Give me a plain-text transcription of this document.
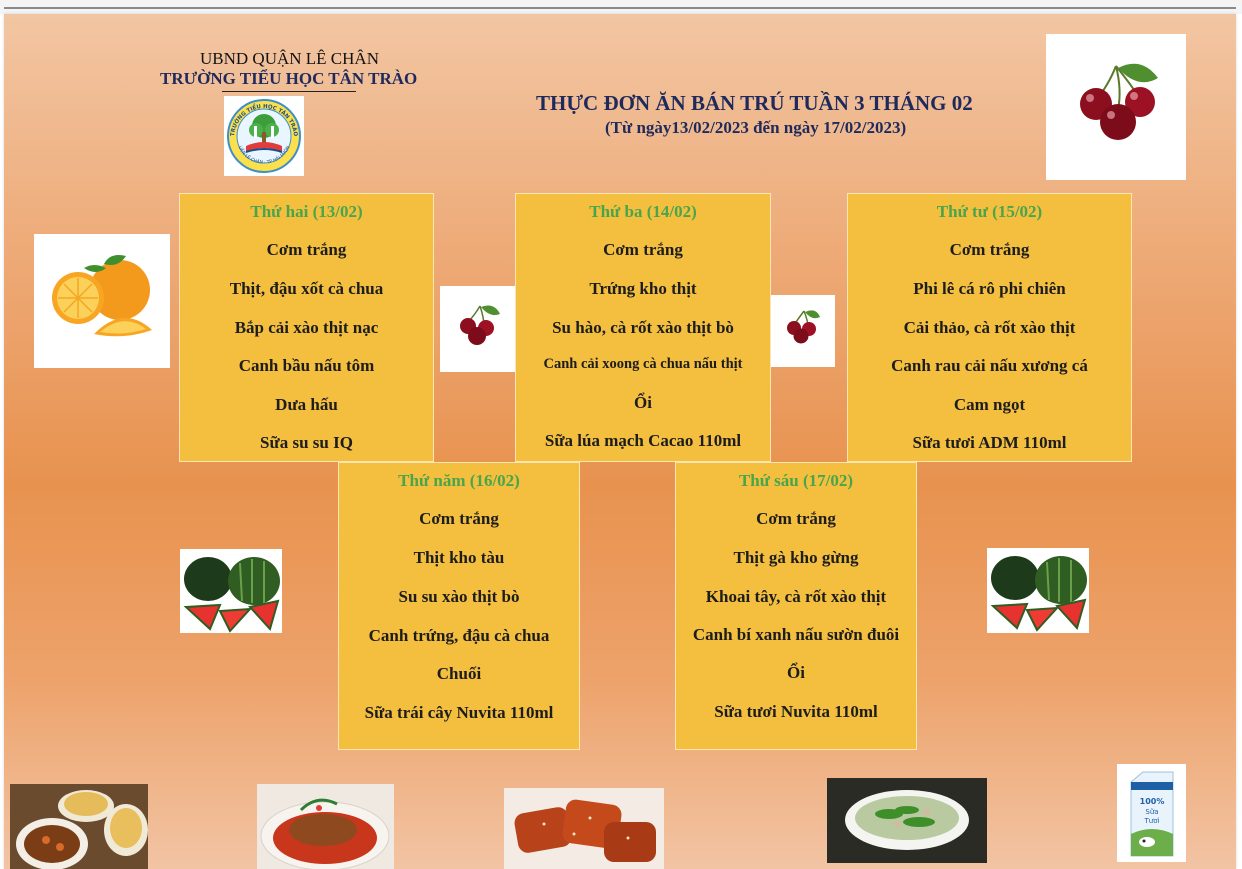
UBND QUẬN LÊ CHÂN
TRƯỜNG TIỂU HỌC TÂN TRÀO
THỰC ĐƠN ĂN BÁN TRÚ TUẦN 3 THÁNG 02
(Từ ngày13/02/2023 đến ngày 17/02/2023)
TRƯỜNG TIỂU HỌC TÂN TRÀO
UẬN LÊ CHÂN · TP HẢI PHÒN
100%
Sữa
Tươi
Thứ hai (13/02)
Cơm trắng
Thịt, đậu xốt cà chua
Bắp cải xào thịt nạc
Canh bầu nấu tôm
Dưa hấu
Sữa su su IQ
Thứ ba (14/02)
Cơm trắng
Trứng kho thịt
Su hào, cà rốt xào thịt bò
Canh cải xoong cà chua nấu thịt
Ổi
Sữa lúa mạch Cacao 110ml
Thứ tư (15/02)
Cơm trắng
Phi lê cá rô phi chiên
Cải thảo, cà rốt xào thịt
Canh rau cải nấu xương cá
Cam ngọt
Sữa tươi ADM 110ml
Thứ năm (16/02)
Cơm trắng
Thịt kho tàu
Su su xào thịt bò
Canh trứng, đậu cà chua
Chuối
Sữa trái cây Nuvita 110ml
Thứ sáu (17/02)
Cơm trắng
Thịt gà kho gừng
Khoai tây, cà rốt xào thịt
Canh bí xanh nấu sườn đuôi
Ổi
Sữa tươi Nuvita 110ml
